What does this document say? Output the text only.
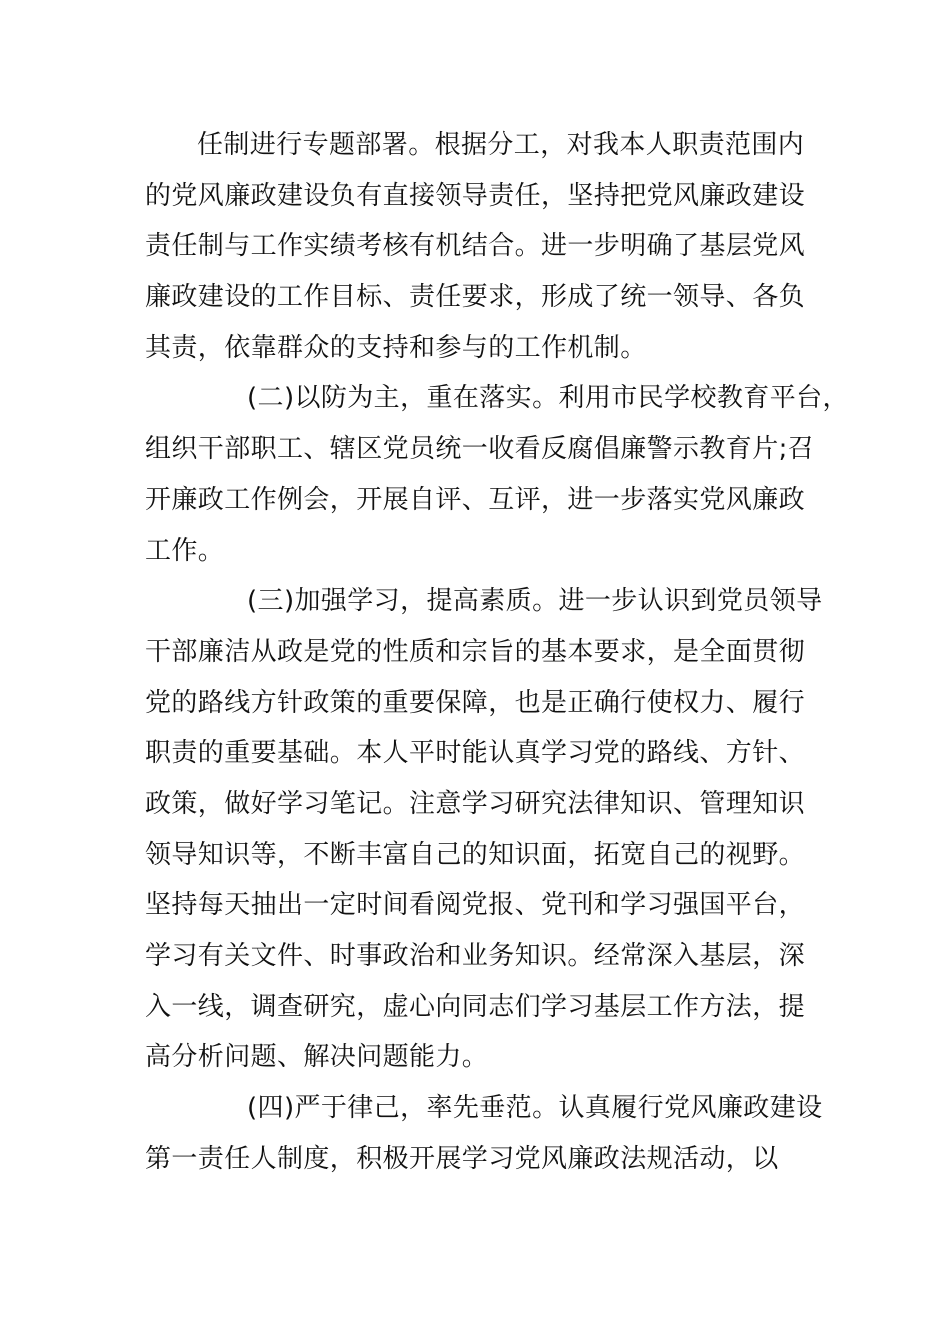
任制进行专题部署。根据分工，对我本人职责范围内
的党风廉政建设负有直接领导责任，坚持把党风廉政建设
责任制与工作实绩考核有机结合。进一步明确了基层党风
廉政建设的工作目标、责任要求，形成了统一领导、各负
其责，依靠群众的支持和参与的工作机制。
(二)以防为主，重在落实。利用市民学校教育平台，
组织干部职工、辖区党员统一收看反腐倡廉警示教育片;召
开廉政工作例会，开展自评、互评，进一步落实党风廉政
工作。
(三)加强学习，提高素质。进一步认识到党员领导
干部廉洁从政是党的性质和宗旨的基本要求，是全面贯彻
党的路线方针政策的重要保障，也是正确行使权力、履行
职责的重要基础。本人平时能认真学习党的路线、方针、
政策，做好学习笔记。注意学习研究法律知识、管理知识
领导知识等，不断丰富自己的知识面，拓宽自己的视野。
坚持每天抽出一定时间看阅党报、党刊和学习强国平台，
学习有关文件、时事政治和业务知识。经常深入基层，深
入一线，调查研究，虚心向同志们学习基层工作方法，提
高分析问题、解决问题能力。
(四)严于律己，率先垂范。认真履行党风廉政建设
第一责任人制度，积极开展学习党风廉政法规活动，以
